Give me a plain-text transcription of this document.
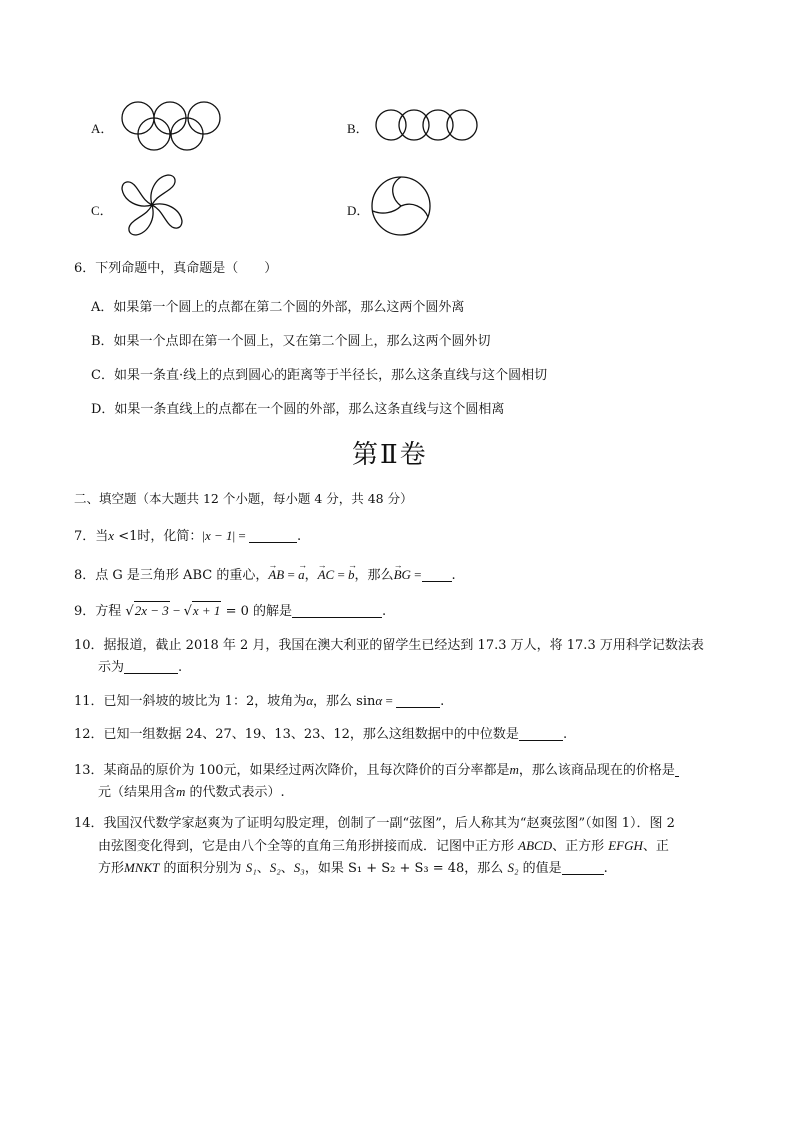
A．	B．
C．	D．
6．下列命题中，真命题是（　　）
A．如果第一个圆上的点都在第二个圆的外部，那么这两个圆外离
B．如果一个点即在第一个圆上，又在第二个圆上，那么这两个圆外切
C．如果一条直·线上的点到圆心的距离等于半径长，那么这条直线与这个圆相切
D．如果一条直线上的点都在一个圆的外部，那么这条直线与这个圆相离
第Ⅱ卷
二、填空题（本大题共 12 个小题，每小题 4 分，共 48 分）
7．当x <1时，化简：|x − 1| =	.
8．点 G 是三角形 ABC 的重心，→ AB = → a，→ AC = → b，那么→ BG = .
9．方程 √2x − 3 − √x + 1 = 0 的解是	.
10．据报道，截止 2018 年 2 月，我国在澳大利亚的留学生已经达到 17.3 万人，将 17.3 万用科学记数法表
示为	.
11．已知一斜坡的坡比为 1：2，坡角为α，那么 sinα =	.
12．已知一组数据 24、27、19、13、23、12，那么这组数据中的中位数是	.
13．某商品的原价为 100元，如果经过两次降价，且每次降价的百分率都是m，那么该商品现在的价格是
元（结果用含m 的代数式表示）.
14．我国汉代数学家赵爽为了证明勾股定理，创制了一副“弦图”，后人称其为“赵爽弦图”（如图 1）．图 2
由弦图变化得到，它是由八个全等的直角三角形拼接而成．记图中正方形 ABCD、正方形 EFGH、正
方形MNKT 的面积分别为 S₁、S₂、S₃，如果 S₁ + S₂ + S₃ = 48，那么 S₂ 的值是	.
